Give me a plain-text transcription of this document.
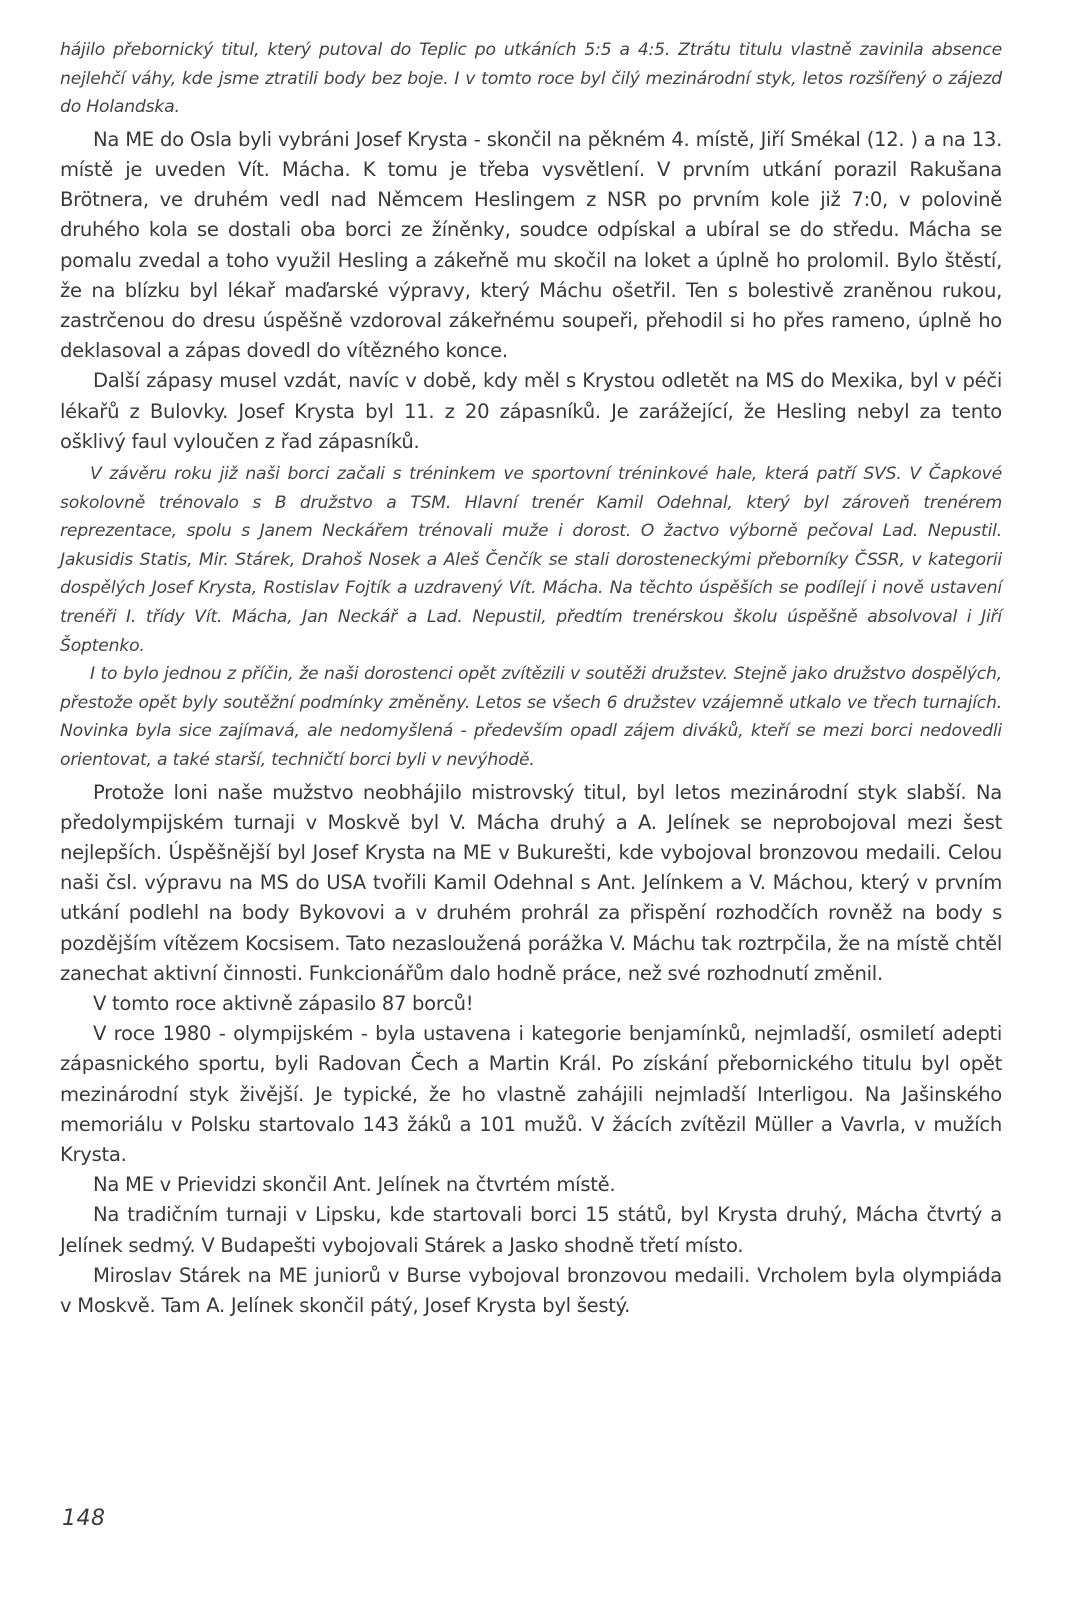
hájilo přebornický titul, který putoval do Teplic po utkáních 5:5 a 4:5. Ztrátu titulu vlastně zavinila absence nejlehčí váhy, kde jsme ztratili body bez boje. I v tomto roce byl čilý mezinárodní styk, letos rozšířený o zájezd do Holandska.

Na ME do Osla byli vybráni Josef Krysta - skončil na pěkném 4. místě, Jiří Smékal (12. ) a na 13. místě je uveden Vít. Mácha. K tomu je třeba vysvětlení. V prvním utkání porazil Rakušana Brötnera, ve druhém vedl nad Němcem Heslingem z NSR po prvním kole již 7:0, v polovině druhého kola se dostali oba borci ze žíněnky, soudce odpískal a ubíral se do středu. Mácha se pomalu zvedal a toho využil Hesling a zákeřně mu skočil na loket a úplně ho prolomil. Bylo štěstí, že na blízku byl lékař maďarské výpravy, který Máchu ošetřil. Ten s bolestivě zraněnou rukou, zastrčenou do dresu úspěšně vzdoroval zákeřnému soupeři, přehodil si ho přes rameno, úplně ho deklasoval a zápas dovedl do vítězného konce.

Další zápasy musel vzdát, navíc v době, kdy měl s Krystou odletět na MS do Mexika, byl v péči lékařů z Bulovky. Josef Krysta byl 11. z 20 zápasníků. Je zarážející, že Hesling nebyl za tento ošklivý faul vyloučen z řad zápasníků.

V závěru roku již naši borci začali s tréninkem ve sportovní tréninkové hale, která patří SVS. V Čapkové sokolovně trénovalo s B družstvo a TSM. Hlavní trenér Kamil Odehnal, který byl zároveň trenérem reprezentace, spolu s Janem Neckářem trénovali muže i dorost. O žactvo výborně pečoval Lad. Nepustil. Jakusidis Statis, Mir. Stárek, Drahoš Nosek a Aleš Čenčík se stali dorosteneckými přeborníky ČSSR, v kategorii dospělých Josef Krysta, Rostislav Fojtík a uzdravený Vít. Mácha. Na těchto úspěších se podílejí i nově ustavení trenéři I. třídy Vít. Mácha, Jan Neckář a Lad. Nepustil, předtím trenérskou školu úspěšně absolvoval i Jiří Šoptenko.

I to bylo jednou z příčin, že naši dorostenci opět zvítězili v soutěži družstev. Stejně jako družstvo dospělých, přestože opět byly soutěžní podmínky změněny. Letos se všech 6 družstev vzájemně utkalo ve třech turnajích. Novinka byla sice zajímavá, ale nedomyšlená - především opadl zájem diváků, kteří se mezi borci nedovedli orientovat, a také starší, techničtí borci byli v nevýhodě.

Protože loni naše mužstvo neobhájilo mistrovský titul, byl letos mezinárodní styk slabší. Na předolympijském turnaji v Moskvě byl V. Mácha druhý a A. Jelínek se neprobojoval mezi šest nejlepších. Úspěšnější byl Josef Krysta na ME v Bukurešti, kde vybojoval bronzovou medaili. Celou naši čsl. výpravu na MS do USA tvořili Kamil Odehnal s Ant. Jelínkem a V. Máchou, který v prvním utkání podlehl na body Bykovovi a v druhém prohrál za přispění rozhodčích rovněž na body s pozdějším vítězem Kocsisem. Tato nezasloužená porážka V. Máchu tak roztrpčila, že na místě chtěl zanechat aktivní činnosti. Funkcionářům dalo hodně práce, než své rozhodnutí změnil.

V tomto roce aktivně zápasilo 87 borců!

V roce 1980 - olympijském - byla ustavena i kategorie benjamínků, nejmladší, osmiletí adepti zápasnického sportu, byli Radovan Čech a Martin Král. Po získání přebornického titulu byl opět mezinárodní styk živější. Je typické, že ho vlastně zahájili nejmladší Interligou. Na Jašinského memoriálu v Polsku startovalo 143 žáků a 101 mužů. V žácích zvítězil Müller a Vavrla, v mužích Krysta.

Na ME v Prievidzi skončil Ant. Jelínek na čtvrtém místě.

Na tradičním turnaji v Lipsku, kde startovali borci 15 států, byl Krysta druhý, Mácha čtvrtý a Jelínek sedmý. V Budapešti vybojovali Stárek a Jasko shodně třetí místo.

Miroslav Stárek na ME juniorů v Burse vybojoval bronzovou medaili. Vrcholem byla olympiáda v Moskvě. Tam A. Jelínek skončil pátý, Josef Krysta byl šestý.

148
